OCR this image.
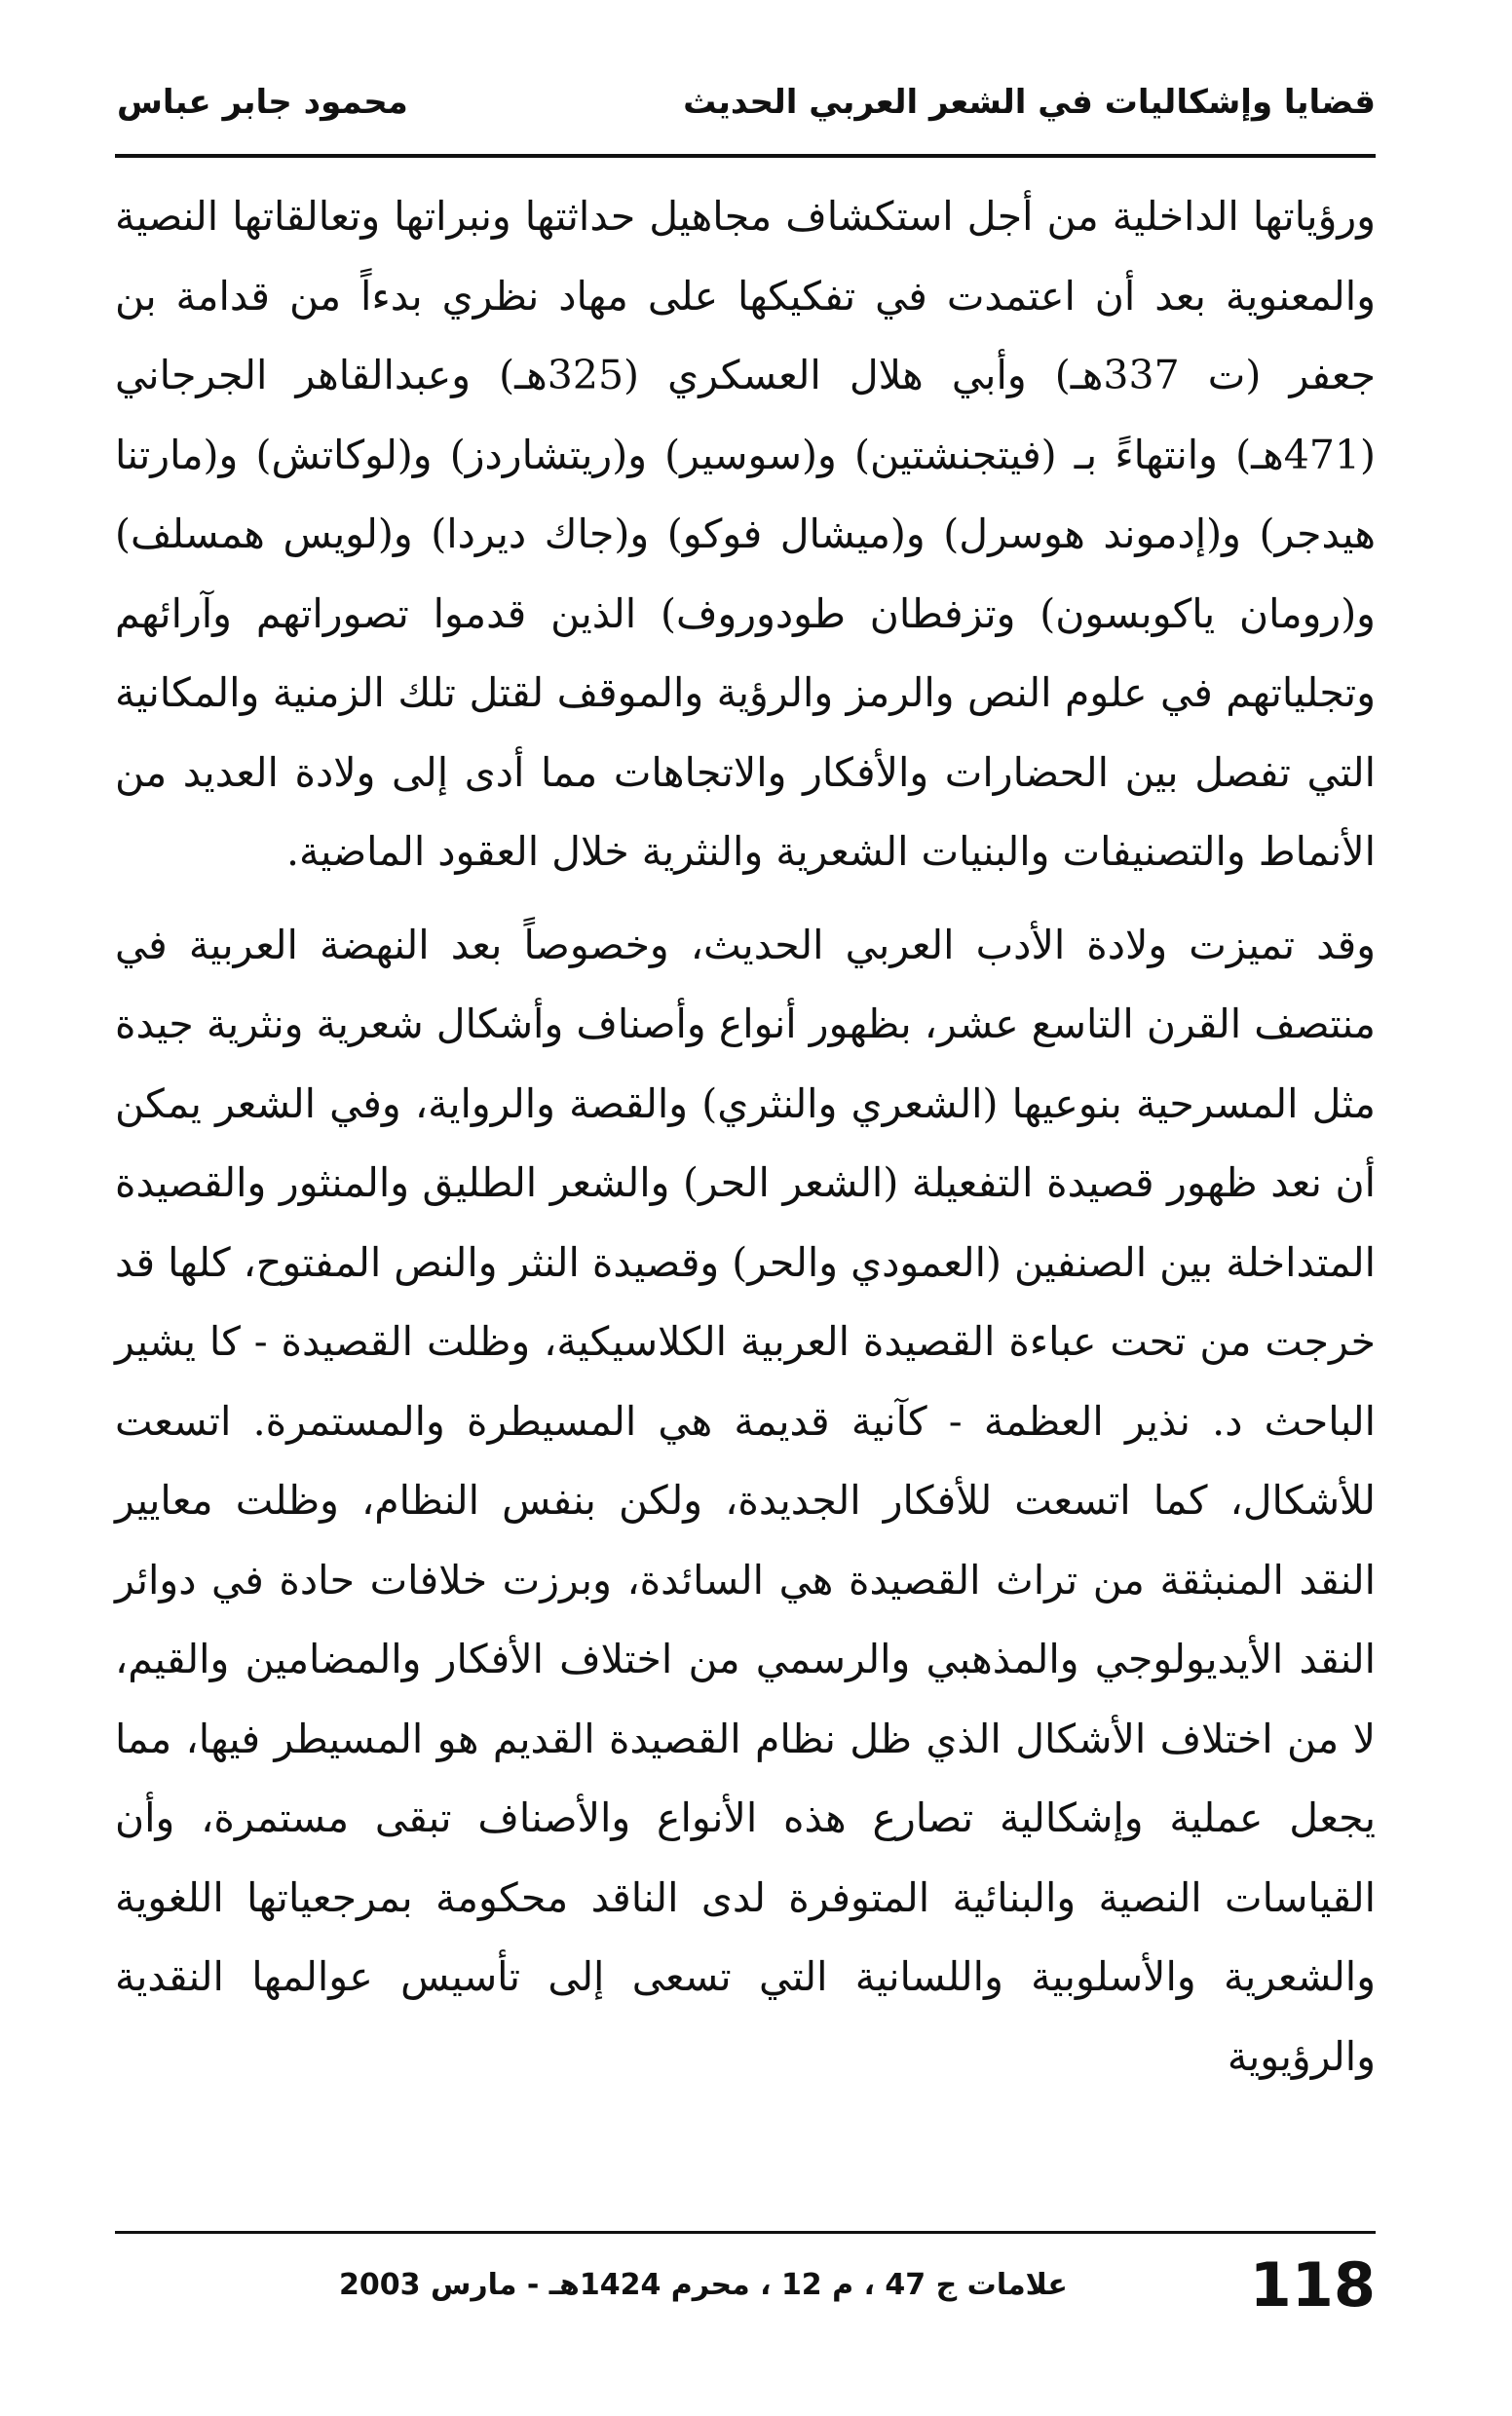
قضايا وإشكاليات في الشعر العربي الحديث
محمود جابر عباس

ورؤياتها الداخلية من أجل استكشاف مجاهيل حداثتها ونبراتها وتعالقاتها النصية والمعنوية بعد أن اعتمدت في تفكيكها على مهاد نظري بدءاً من قدامة بن جعفر (ت 337هـ) وأبي هلال العسكري (325هـ) وعبدالقاهر الجرجاني (471هـ) وانتهاءً بـ (فيتجنشتين) و(سوسير) و(ريتشاردز) و(لوكاتش) و(مارتنا هيدجر) و(إدموند هوسرل) و(ميشال فوكو) و(جاك ديردا) و(لويس همسلف) و(رومان ياكوبسون) وتزفطان طودوروف) الذين قدموا تصوراتهم وآرائهم وتجلياتهم في علوم النص والرمز والرؤية والموقف لقتل تلك الزمنية والمكانية التي تفصل بين الحضارات والأفكار والاتجاهات مما أدى إلى ولادة العديد من الأنماط والتصنيفات والبنيات الشعرية والنثرية خلال العقود الماضية.

وقد تميزت ولادة الأدب العربي الحديث، وخصوصاً بعد النهضة العربية في منتصف القرن التاسع عشر، بظهور أنواع وأصناف وأشكال شعرية ونثرية جيدة مثل المسرحية بنوعيها (الشعري والنثري) والقصة والرواية، وفي الشعر يمكن أن نعد ظهور قصيدة التفعيلة (الشعر الحر) والشعر الطليق والمنثور والقصيدة المتداخلة بين الصنفين (العمودي والحر) وقصيدة النثر والنص المفتوح، كلها قد خرجت من تحت عباءة القصيدة العربية الكلاسيكية، وظلت القصيدة - كا يشير الباحث د. نذير العظمة - كآنية قديمة هي المسيطرة والمستمرة. اتسعت للأشكال، كما اتسعت للأفكار الجديدة، ولكن بنفس النظام، وظلت معايير النقد المنبثقة من تراث القصيدة هي السائدة، وبرزت خلافات حادة في دوائر النقد الأيديولوجي والمذهبي والرسمي من اختلاف الأفكار والمضامين والقيم، لا من اختلاف الأشكال الذي ظل نظام القصيدة القديم هو المسيطر فيها، مما يجعل عملية وإشكالية تصارع هذه الأنواع والأصناف تبقى مستمرة، وأن القياسات النصية والبنائية المتوفرة لدى الناقد محكومة بمرجعياتها اللغوية والشعرية والأسلوبية واللسانية التي تسعى إلى تأسيس عوالمها النقدية والرؤيوية

118
علامات ج 47 ، م 12 ، محرم 1424هـ - مارس 2003
